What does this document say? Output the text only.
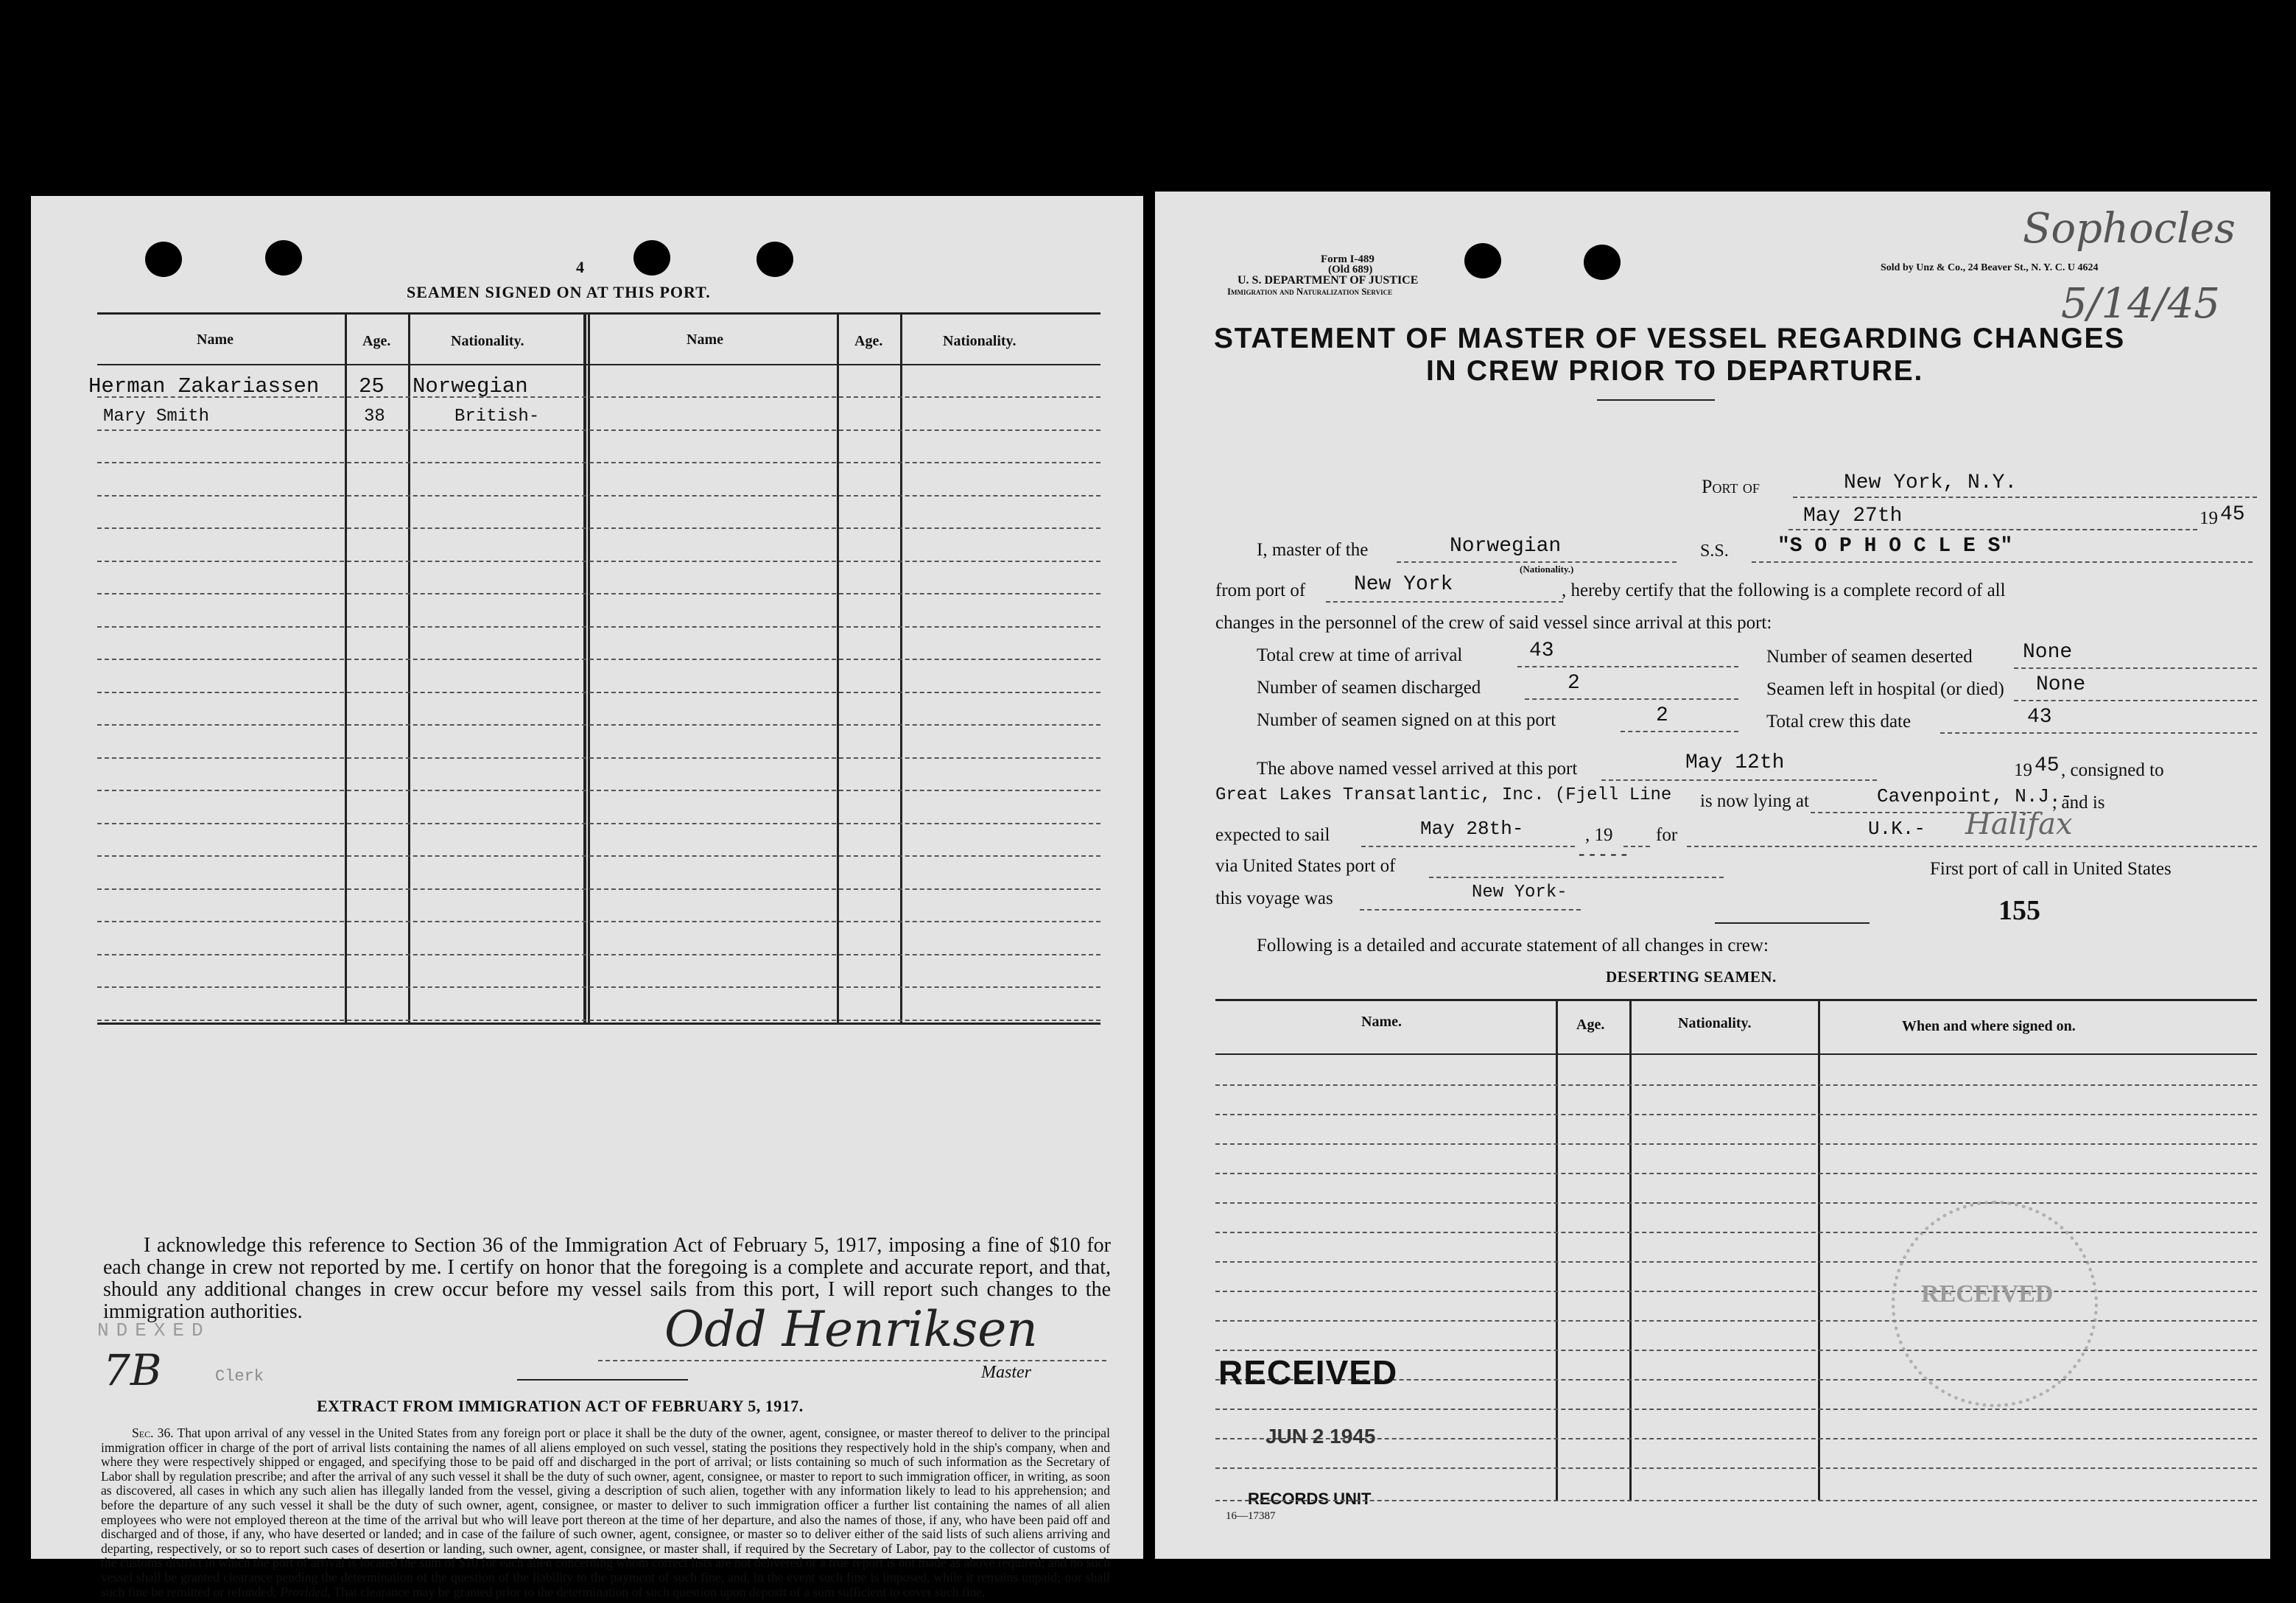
4
SEAMEN SIGNED ON AT THIS PORT.
Name	Age.	Nationality.	Name	Age.	Nationality.
Herman Zakariassen 25 Norwegian
Mary Smith	38	British-
I acknowledge this reference to Section 36 of the Immigration Act of February 5, 1917, imposing a fine of $10 for each change in crew not reported by me. I certify on honor that the foregoing is a complete and accurate report, and that, should any additional changes in crew occur before my vessel sails from this port, I will report such changes to the immigration authorities.
NDEXED
7B	Clerk
Odd Henriksen
Master
EXTRACT FROM IMMIGRATION ACT OF FEBRUARY 5, 1917.
Sec. 36. That upon arrival of any vessel in the United States from any foreign port or place it shall be the duty of the owner, agent, consignee, or master thereof to deliver to the principal immigration officer in charge of the port of arrival lists containing the names of all aliens employed on such vessel, stating the positions they respectively hold in the ship's company, when and where they were respectively shipped or engaged, and specifying those to be paid off and discharged in the port of arrival; or lists containing so much of such information as the Secretary of Labor shall by regulation prescribe; and after the arrival of any such vessel it shall be the duty of such owner, agent, consignee, or master to report to such immigration officer, in writing, as soon as discovered, all cases in which any such alien has illegally landed from the vessel, giving a description of such alien, together with any information likely to lead to his apprehension; and before the departure of any such vessel it shall be the duty of such owner, agent, consignee, or master to deliver to such immigration officer a further list containing the names of all alien employees who were not employed thereon at the time of the arrival but who will leave port thereon at the time of her departure, and also the names of those, if any, who have been paid off and discharged and of those, if any, who have deserted or landed; and in case of the failure of such owner, agent, consignee, or master so to deliver either of the said lists of such aliens arriving and departing, respectively, or so to report such cases of desertion or landing, such owner, agent, consignee, or master shall, if required by the Secretary of Labor, pay to the collector of customs of the customs district in which the port of arrival is located the sum of $10 for each alien concerning whom correct lists are not delivered or a true report is not made as above required; and no such vessel shall be granted clearance pending the determination of the question of the liability to the payment of such fine, and, in the event such fine is imposed, while it remains unpaid; nor shall such fine be remitted or refunded; Provided, That clearance may be granted prior to the determination of such question upon deposit of a sum sufficient to cover such fine.
Form I-489
(Old 689)
U. S. DEPARTMENT OF JUSTICE
Immigration and Naturalization Service
Sold by Unz & Co., 24 Beaver St., N. Y. C. U 4624
Sophocles
5/14/45
STATEMENT OF MASTER OF VESSEL REGARDING CHANGES
IN CREW PRIOR TO DEPARTURE.
Port of	New York, N.Y.
May 27th	19 45
I, master of the	Norwegian
(Nationality.)
S.S. "S O P H O C L E S"
from port of New York	, hereby certify that the following is a complete record of all
changes in the personnel of the crew of said vessel since arrival at this port:
Total crew at time of arrival	43	Number of seamen deserted None
Number of seamen discharged	2	Seamen left in hospital (or died) None
Number of seamen signed on at this port	2	Total crew this date	43
The above named vessel arrived at this port	May 12th	19 45 , consigned to
Great Lakes Transatlantic, Inc. (Fjell Line is now lying at	Cavenpoint, N.J.-
, and is
expected to sail	May 28th-	, 19 for	U.K.- Halifax
via United States port of
-----
First port of call in United States
this voyage was	New York-
155
Following is a detailed and accurate statement of all changes in crew:
DESERTING SEAMEN.
Name.	Age.	Nationality.	When and where signed on.
RECEIVED
RECEIVED
JUN 2 1945
RECORDS UNIT
16—17387
